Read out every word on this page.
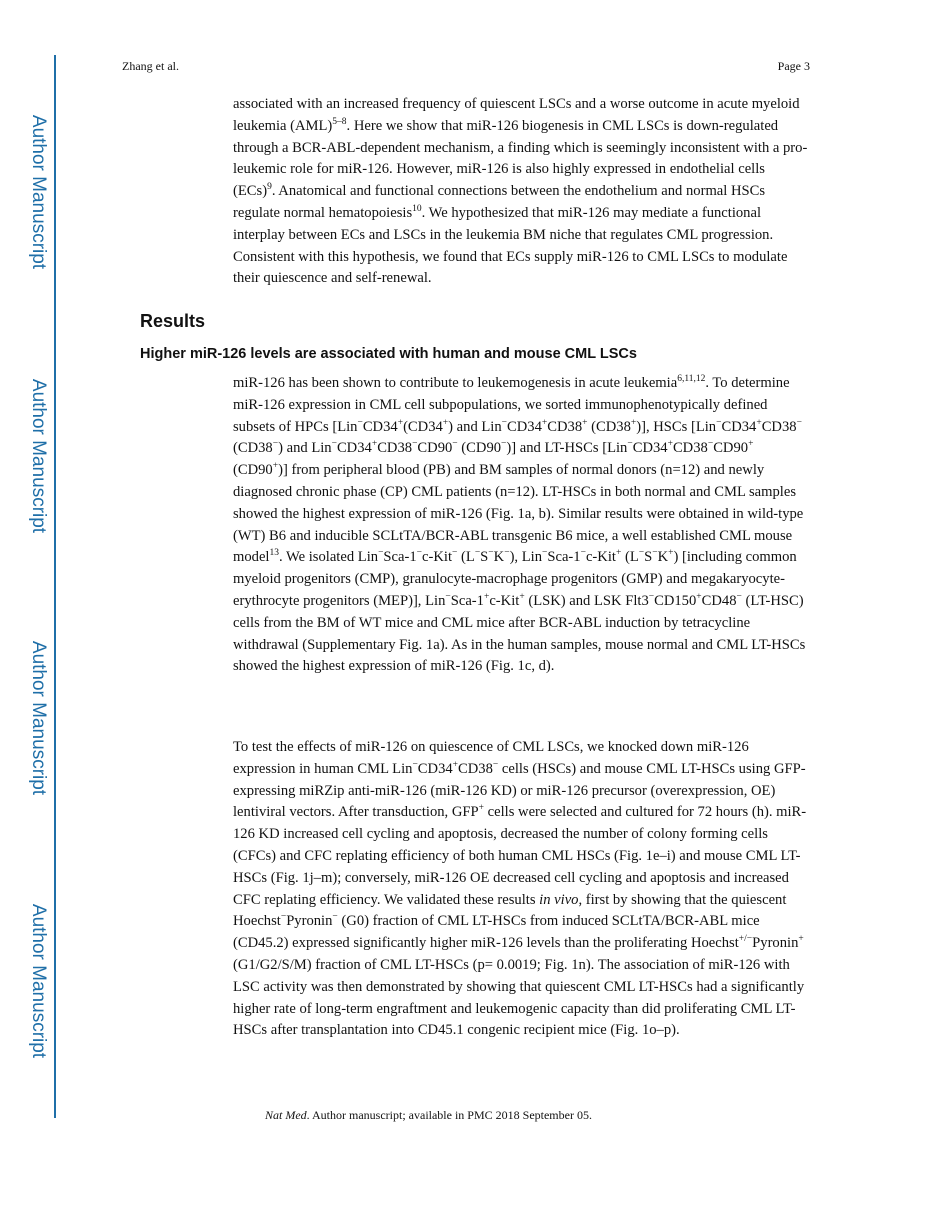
Author Manuscript
Author Manuscript
Author Manuscript
Author Manuscript
Zhang et al.	Page 3

associated with an increased frequency of quiescent LSCs and a worse outcome in acute myeloid leukemia (AML)$^{5-8}$. Here we show that miR-126 biogenesis in CML LSCs is down-regulated through a BCR-ABL-dependent mechanism, a finding which is seemingly inconsistent with a pro-leukemic role for miR-126. However, miR-126 is also highly expressed in endothelial cells (ECs)$^9$. Anatomical and functional connections between the endothelium and normal HSCs regulate normal hematopoiesis$^{10}$. We hypothesized that miR-126 may mediate a functional interplay between ECs and LSCs in the leukemia BM niche that regulates CML progression. Consistent with this hypothesis, we found that ECs supply miR-126 to CML LSCs to modulate their quiescence and self-renewal.

Results
Higher miR-126 levels are associated with human and mouse CML LSCs

miR-126 has been shown to contribute to leukemogenesis in acute leukemia$^{6,11,12}$. To determine miR-126 expression in CML cell subpopulations, we sorted immunophenotypically defined subsets of HPCs [Lin−CD34+(CD34+) and Lin−CD34+CD38+ (CD38+)], HSCs [Lin−CD34+CD38− (CD38−) and Lin−CD34+CD38−CD90− (CD90−)] and LT-HSCs [Lin−CD34+CD38−CD90+ (CD90+)] from peripheral blood (PB) and BM samples of normal donors (n=12) and newly diagnosed chronic phase (CP) CML patients (n=12). LT-HSCs in both normal and CML samples showed the highest expression of miR-126 (Fig. 1a, b). Similar results were obtained in wild-type (WT) B6 and inducible SCLtTA/BCR-ABL transgenic B6 mice, a well established CML mouse model$^{13}$. We isolated Lin−Sca-1−c-Kit− (L−S−K−), Lin−Sca-1−c-Kit+ (L−S−K+) [including common myeloid progenitors (CMP), granulocyte-macrophage progenitors (GMP) and megakaryocyte-erythrocyte progenitors (MEP)], Lin−Sca-1+c-Kit+ (LSK) and LSK Flt3−CD150+CD48− (LT-HSC) cells from the BM of WT mice and CML mice after BCR-ABL induction by tetracycline withdrawal (Supplementary Fig. 1a). As in the human samples, mouse normal and CML LT-HSCs showed the highest expression of miR-126 (Fig. 1c, d).

To test the effects of miR-126 on quiescence of CML LSCs, we knocked down miR-126 expression in human CML Lin−CD34+CD38− cells (HSCs) and mouse CML LT-HSCs using GFP-expressing miRZip anti-miR-126 (miR-126 KD) or miR-126 precursor (overexpression, OE) lentiviral vectors. After transduction, GFP+ cells were selected and cultured for 72 hours (h). miR-126 KD increased cell cycling and apoptosis, decreased the number of colony forming cells (CFCs) and CFC replating efficiency of both human CML HSCs (Fig. 1e–i) and mouse CML LT-HSCs (Fig. 1j–m); conversely, miR-126 OE decreased cell cycling and apoptosis and increased CFC replating efficiency. We validated these results in vivo, first by showing that the quiescent Hoechst−Pyronin− (G0) fraction of CML LT-HSCs from induced SCLtTA/BCR-ABL mice (CD45.2) expressed significantly higher miR-126 levels than the proliferating Hoechst+/−Pyronin+ (G1/G2/S/M) fraction of CML LT-HSCs (p= 0.0019; Fig. 1n). The association of miR-126 with LSC activity was then demonstrated by showing that quiescent CML LT-HSCs had a significantly higher rate of long-term engraftment and leukemogenic capacity than did proliferating CML LT-HSCs after transplantation into CD45.1 congenic recipient mice (Fig. 1o–p).

Nat Med. Author manuscript; available in PMC 2018 September 05.
